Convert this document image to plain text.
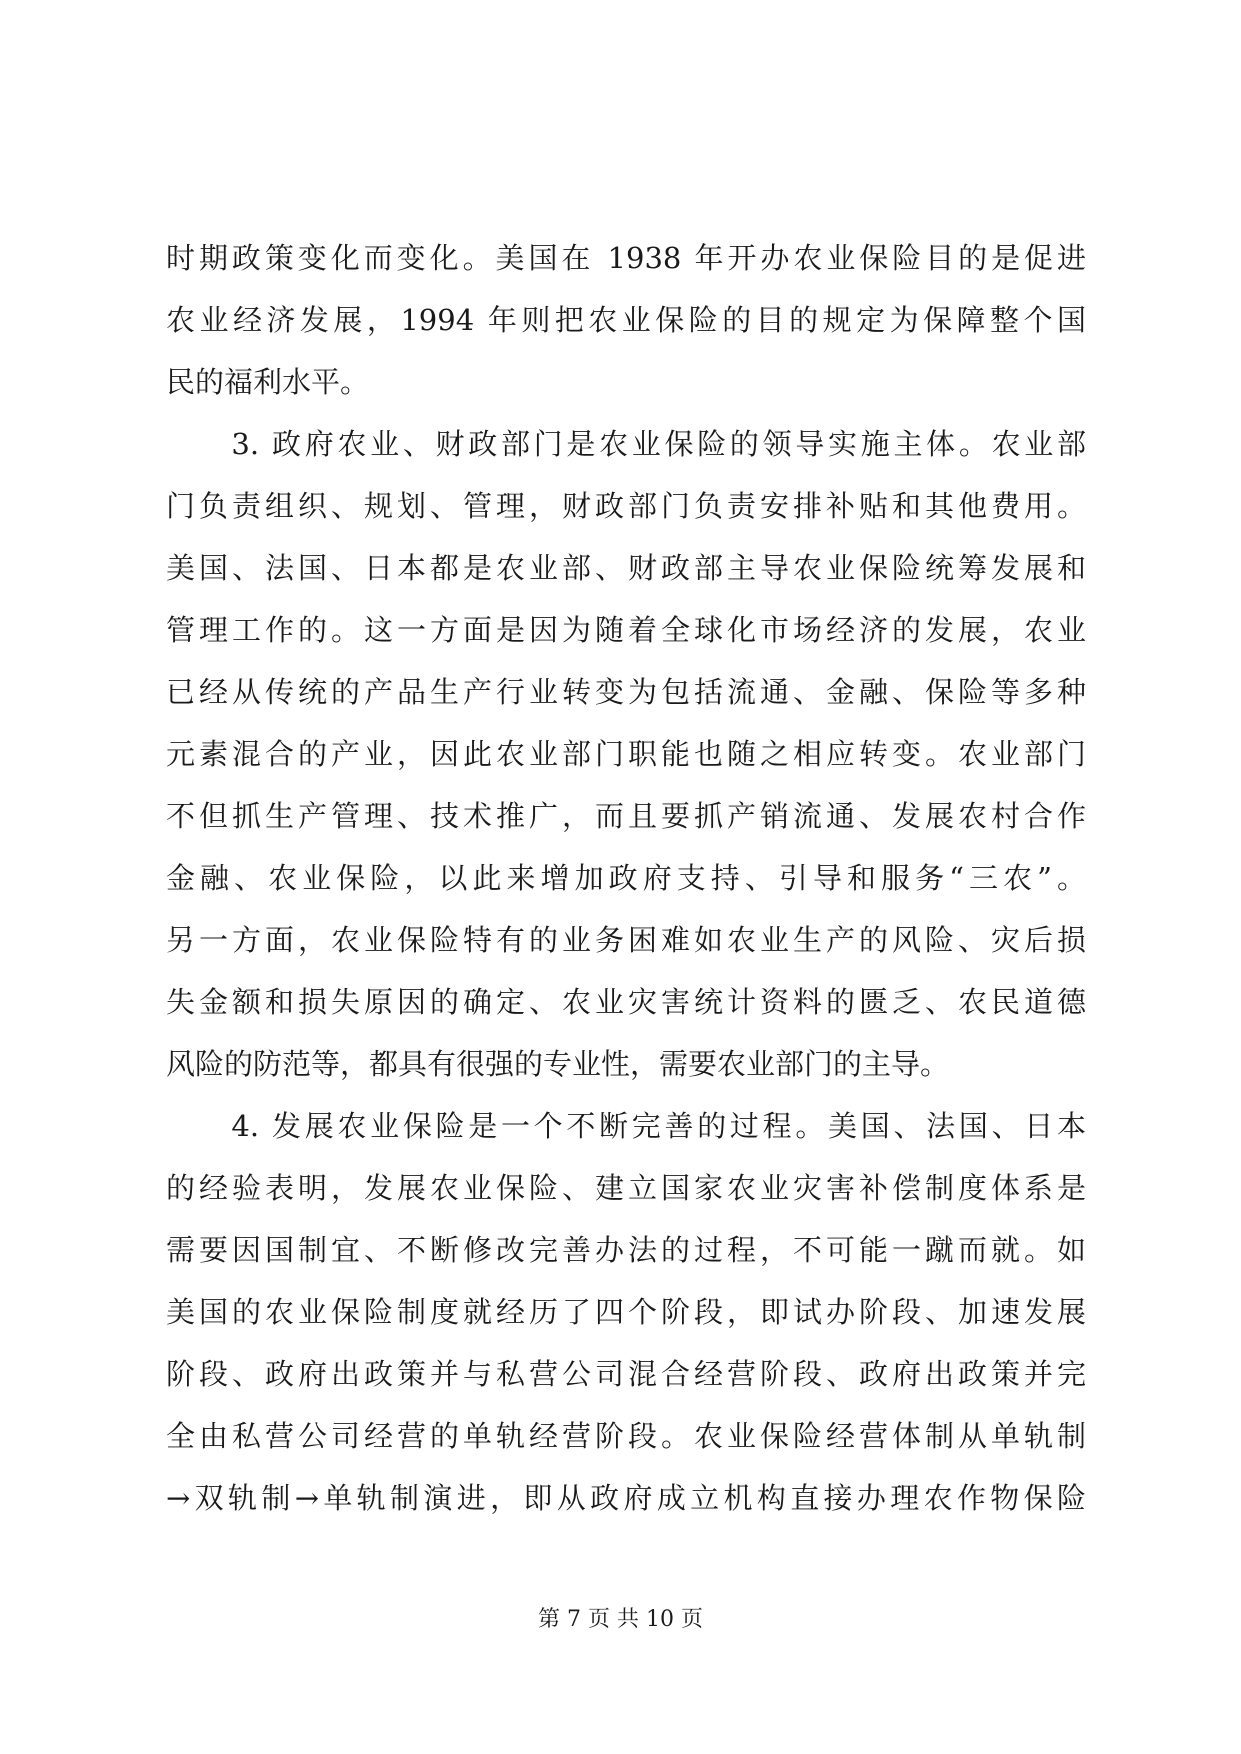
时期政策变化而变化。美国在 1938 年开办农业保险目的是促进
农业经济发展，1994 年则把农业保险的目的规定为保障整个国
民的福利水平。
　　3. 政府农业、财政部门是农业保险的领导实施主体。农业部
门负责组织、规划、管理，财政部门负责安排补贴和其他费用。
美国、法国、日本都是农业部、财政部主导农业保险统筹发展和
管理工作的。这一方面是因为随着全球化市场经济的发展，农业
已经从传统的产品生产行业转变为包括流通、金融、保险等多种
元素混合的产业，因此农业部门职能也随之相应转变。农业部门
不但抓生产管理、技术推广，而且要抓产销流通、发展农村合作
金融、农业保险，以此来增加政府支持、引导和服务“三农”。
另一方面，农业保险特有的业务困难如农业生产的风险、灾后损
失金额和损失原因的确定、农业灾害统计资料的匮乏、农民道德
风险的防范等，都具有很强的专业性，需要农业部门的主导。
　　4. 发展农业保险是一个不断完善的过程。美国、法国、日本
的经验表明，发展农业保险、建立国家农业灾害补偿制度体系是
需要因国制宜、不断修改完善办法的过程，不可能一蹴而就。如
美国的农业保险制度就经历了四个阶段，即试办阶段、加速发展
阶段、政府出政策并与私营公司混合经营阶段、政府出政策并完
全由私营公司经营的单轨经营阶段。农业保险经营体制从单轨制
→双轨制→单轨制演进，即从政府成立机构直接办理农作物保险
第 7 页 共 10 页
